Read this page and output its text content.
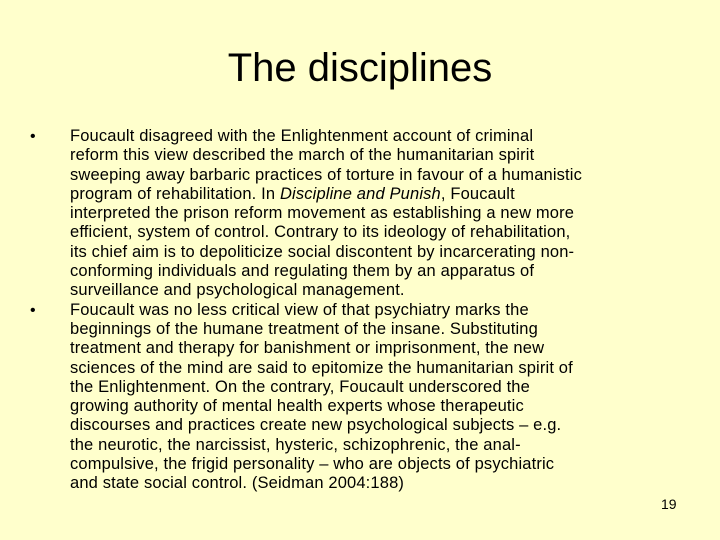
The disciplines
•	Foucault disagreed with the Enlightenment account of criminal
reform this view described the march of the humanitarian spirit
sweeping away barbaric practices of torture in favour of a humanistic
program of rehabilitation. In Discipline and Punish, Foucault
interpreted the prison reform movement as establishing a new more
efficient, system of control. Contrary to its ideology of rehabilitation,
its chief aim is to depoliticize social discontent by incarcerating non-
conforming individuals and regulating them by an apparatus of
surveillance and psychological management.
•	Foucault was no less critical view of that psychiatry marks the
beginnings of the humane treatment of the insane. Substituting
treatment and therapy for banishment or imprisonment, the new
sciences of the mind are said to epitomize the humanitarian spirit of
the Enlightenment. On the contrary, Foucault underscored the
growing authority of mental health experts whose therapeutic
discourses and practices create new psychological subjects – e.g.
the neurotic, the narcissist, hysteric, schizophrenic, the anal-
compulsive, the frigid personality – who are objects of psychiatric
and state social control. (Seidman 2004:188)
19
